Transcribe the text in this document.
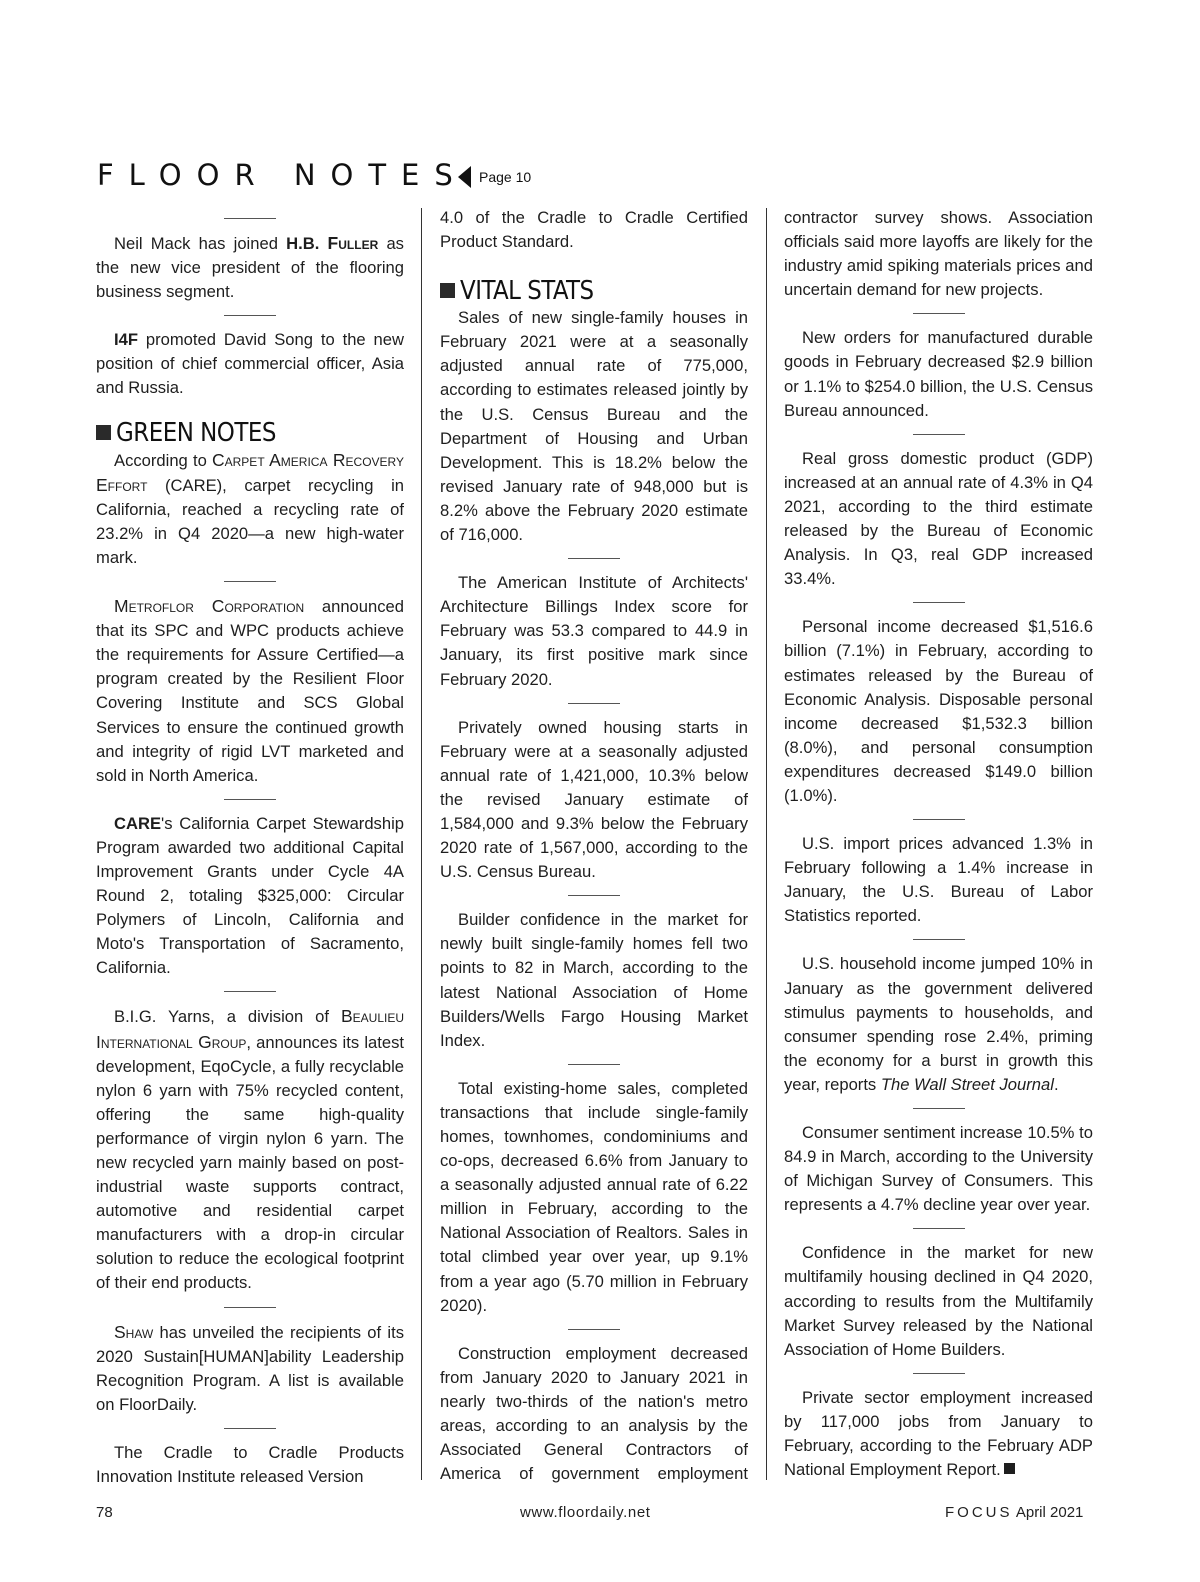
FLOOR NOTES Page 10

Neil Mack has joined H.B. Fuller as the new vice president of the flooring business segment.

I4F promoted David Song to the new position of chief commercial officer, Asia and Russia.

GREEN NOTES

According to Carpet America Recovery Effort (CARE), carpet recycling in California, reached a recycling rate of 23.2% in Q4 2020—a new high-water mark.

Metroflor Corporation announced that its SPC and WPC products achieve the requirements for Assure Certified—a program created by the Resilient Floor Covering Institute and SCS Global Services to ensure the continued growth and integrity of rigid LVT marketed and sold in North America.

CARE's California Carpet Stewardship Program awarded two additional Capital Improvement Grants under Cycle 4A Round 2, totaling $325,000: Circular Polymers of Lincoln, California and Moto's Transportation of Sacramento, California.

B.I.G. Yarns, a division of Beaulieu International Group, announces its latest development, EqoCycle, a fully recyclable nylon 6 yarn with 75% recycled content, offering the same high-quality performance of virgin nylon 6 yarn. The new recycled yarn mainly based on post-industrial waste supports contract, automotive and residential carpet manufacturers with a drop-in circular solution to reduce the ecological footprint of their end products.

Shaw has unveiled the recipients of its 2020 Sustain[HUMAN]ability Leadership Recognition Program. A list is available on FloorDaily.

The Cradle to Cradle Products Innovation Institute released Version

4.0 of the Cradle to Cradle Certified Product Standard.

VITAL STATS

Sales of new single-family houses in February 2021 were at a seasonally adjusted annual rate of 775,000, according to estimates released jointly by the U.S. Census Bureau and the Department of Housing and Urban Development. This is 18.2% below the revised January rate of 948,000 but is 8.2% above the February 2020 estimate of 716,000.

The American Institute of Architects' Architecture Billings Index score for February was 53.3 compared to 44.9 in January, its first positive mark since February 2020.

Privately owned housing starts in February were at a seasonally adjusted annual rate of 1,421,000, 10.3% below the revised January estimate of 1,584,000 and 9.3% below the February 2020 rate of 1,567,000, according to the U.S. Census Bureau.

Builder confidence in the market for newly built single-family homes fell two points to 82 in March, according to the latest National Association of Home Builders/Wells Fargo Housing Market Index.

Total existing-home sales, completed transactions that include single-family homes, townhomes, condominiums and co-ops, decreased 6.6% from January to a seasonally adjusted annual rate of 6.22 million in February, according to the National Association of Realtors. Sales in total climbed year over year, up 9.1% from a year ago (5.70 million in February 2020).

Construction employment decreased from January 2020 to January 2021 in nearly two-thirds of the nation's metro areas, according to an analysis by the Associated General Contractors of America of government employment

contractor survey shows. Association officials said more layoffs are likely for the industry amid spiking materials prices and uncertain demand for new projects.

New orders for manufactured durable goods in February decreased $2.9 billion or 1.1% to $254.0 billion, the U.S. Census Bureau announced.

Real gross domestic product (GDP) increased at an annual rate of 4.3% in Q4 2021, according to the third estimate released by the Bureau of Economic Analysis. In Q3, real GDP increased 33.4%.

Personal income decreased $1,516.6 billion (7.1%) in February, according to estimates released by the Bureau of Economic Analysis. Disposable personal income decreased $1,532.3 billion (8.0%), and personal consumption expenditures decreased $149.0 billion (1.0%).

U.S. import prices advanced 1.3% in February following a 1.4% increase in January, the U.S. Bureau of Labor Statistics reported.

U.S. household income jumped 10% in January as the government delivered stimulus payments to households, and consumer spending rose 2.4%, priming the economy for a burst in growth this year, reports The Wall Street Journal.

Consumer sentiment increase 10.5% to 84.9 in March, according to the University of Michigan Survey of Consumers. This represents a 4.7% decline year over year.

Confidence in the market for new multifamily housing declined in Q4 2020, according to results from the Multifamily Market Survey released by the National Association of Home Builders.

Private sector employment increased by 117,000 jobs from January to February, according to the February ADP National Employment Report.

78	www.floordaily.net	FOCUS April 2021
